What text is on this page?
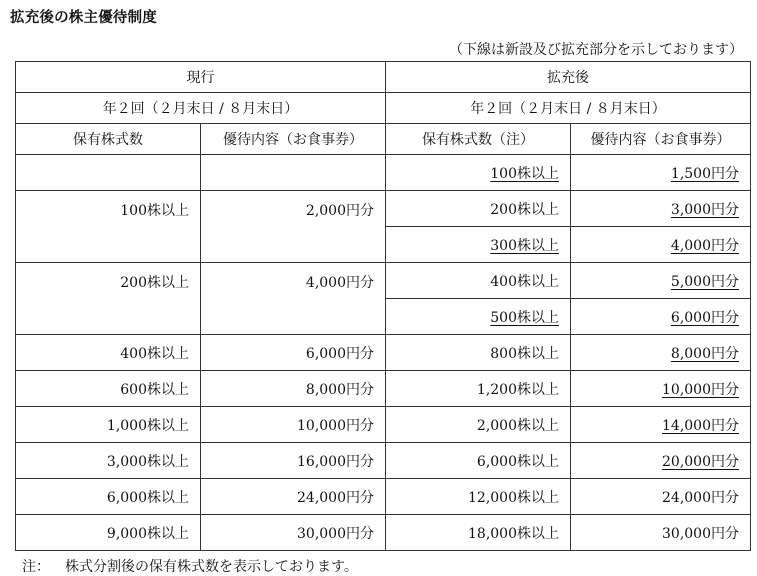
拡充後の株主優待制度
（下線は新設及び拡充部分を示しております）
現行		拡充後	
年２回（２月末日 / ８月末日）		年２回（２月末日 / ８月末日）	
保有株式数	優待内容（お食事券）	保有株式数（注）	優待内容（お食事券）
		100株以上	1,500円分
100株以上	2,000円分	200株以上	3,000円分
		300株以上	4,000円分
200株以上	4,000円分	400株以上	5,000円分
		500株以上	6,000円分
400株以上	6,000円分	800株以上	8,000円分
600株以上	8,000円分	1,200株以上	10,000円分
1,000株以上	10,000円分	2,000株以上	14,000円分
3,000株以上	16,000円分	6,000株以上	20,000円分
6,000株以上	24,000円分	12,000株以上	24,000円分
9,000株以上	30,000円分	18,000株以上	30,000円分
注： 株式分割後の保有株式数を表示しております。
